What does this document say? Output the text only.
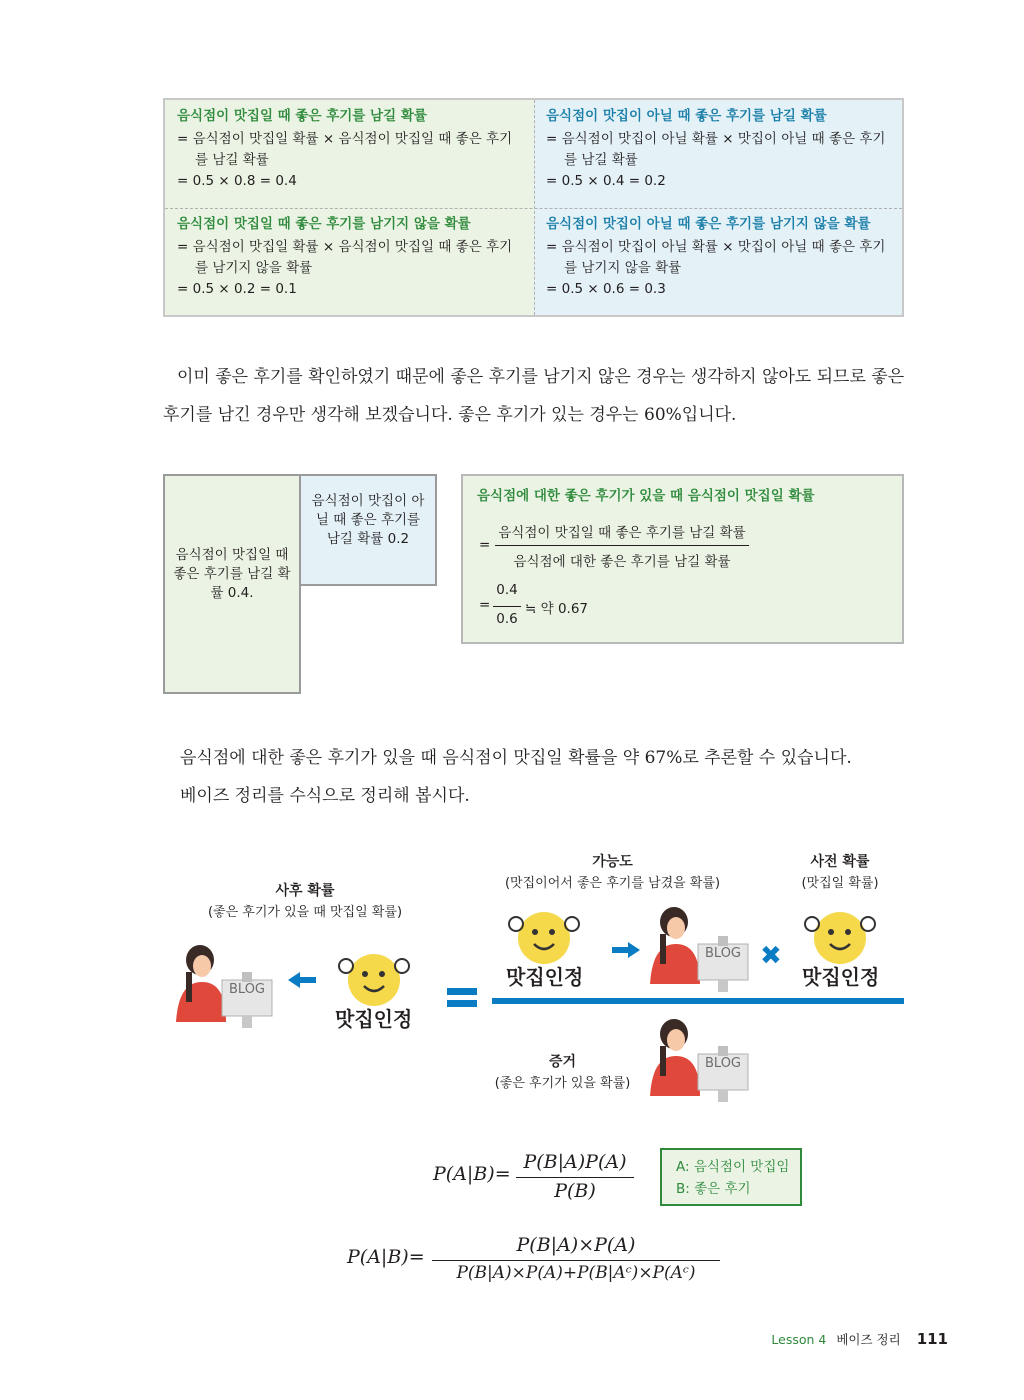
음식점이 맛집일 때 좋은 후기를 남길 확률
= 음식점이 맛집일 확률 × 음식점이 맛집일 때 좋은 후기를 남길 확률
= 0.5 × 0.8 = 0.4
음식점이 맛집이 아닐 때 좋은 후기를 남길 확률
= 음식점이 맛집이 아닐 확률 × 맛집이 아닐 때 좋은 후기를 남길 확률
= 0.5 × 0.4 = 0.2
음식점이 맛집일 때 좋은 후기를 남기지 않을 확률
= 음식점이 맛집일 확률 × 음식점이 맛집일 때 좋은 후기를 남기지 않을 확률
= 0.5 × 0.2 = 0.1
음식점이 맛집이 아닐 때 좋은 후기를 남기지 않을 확률
= 음식점이 맛집이 아닐 확률 × 맛집이 아닐 때 좋은 후기를 남기지 않을 확률
= 0.5 × 0.6 = 0.3
이미 좋은 후기를 확인하였기 때문에 좋은 후기를 남기지 않은 경우는 생각하지 않아도 되므로 좋은 후기를 남긴 경우만 생각해 보겠습니다. 좋은 후기가 있는 경우는 60%입니다.
음식점이 맛집일 때 좋은 후기를 남길 확률 0.4.
음식점이 맛집이 아닐 때 좋은 후기를 남길 확률 0.2
음식점에 대한 좋은 후기가 있을 때 음식점이 맛집일 확률
=
음식점이 맛집일 때 좋은 후기를 남길 확률
음식점에 대한 좋은 후기를 남길 확률
=
0.4
0.6
≒ 약 0.67
음식점에 대한 좋은 후기가 있을 때 음식점이 맛집일 확률을 약 67%로 추론할 수 있습니다.
베이즈 정리를 수식으로 정리해 봅시다.
사후 확률
(좋은 후기가 있을 때 맛집일 확률)
가능도
(맛집이어서 좋은 후기를 남겼을 확률)
사전 확률
(맛집일 확률)
증거
(좋은 후기가 있을 확률)
BLOG
맛집인정
맛집인정
BLOG ✖
맛집인정
BLOG
P(A|B)=
P(B|A)P(A)
P(B)
A: 음식점이 맛집임
B: 좋은 후기
P(A|B)=
P(B|A)×P(A)
P(B|A)×P(A)+P(B|Aᶜ)×P(Aᶜ)
Lesson 4 베이즈 정리 111
